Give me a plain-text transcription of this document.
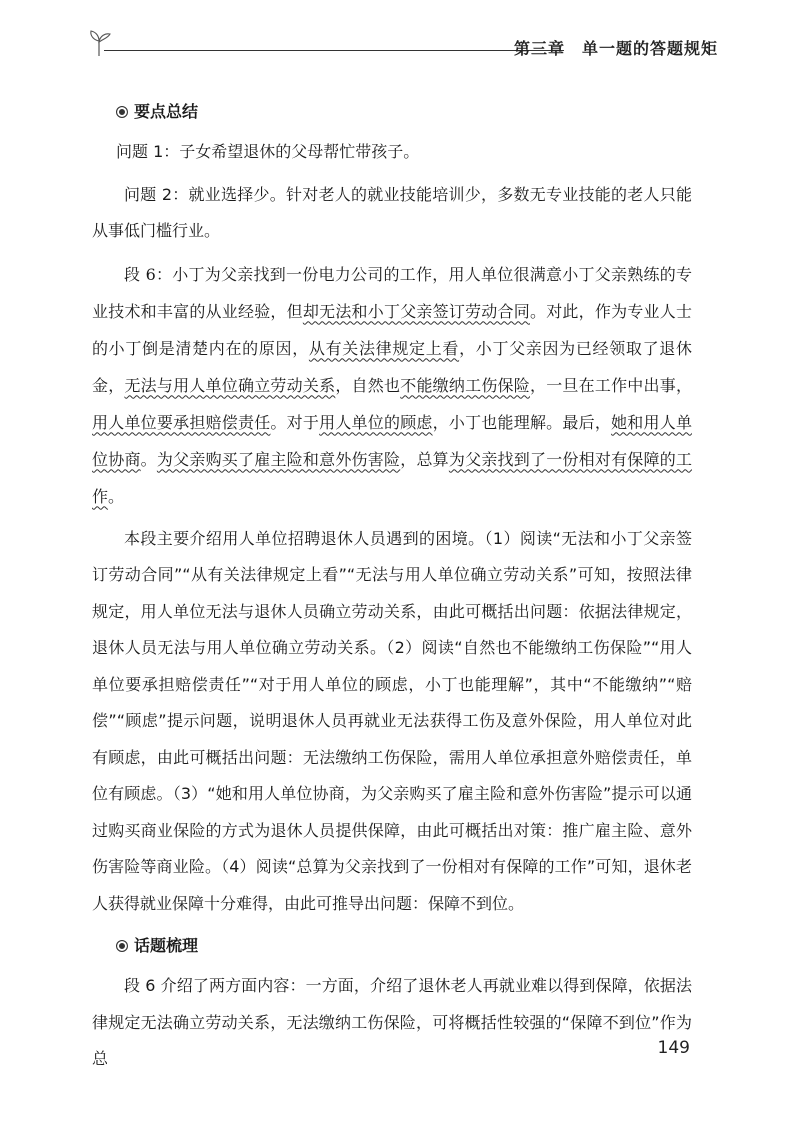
第三章　单一题的答题规矩
要点总结

问题 1：子女希望退休的父母帮忙带孩子。

问题 2：就业选择少。针对老人的就业技能培训少，多数无专业技能的老人只能从事低门槛行业。

段 6：小丁为父亲找到一份电力公司的工作，用人单位很满意小丁父亲熟练的专业技术和丰富的从业经验，但却无法和小丁父亲签订劳动合同。对此，作为专业人士的小丁倒是清楚内在的原因，从有关法律规定上看，小丁父亲因为已经领取了退休金，无法与用人单位确立劳动关系，自然也不能缴纳工伤保险，一旦在工作中出事，用人单位要承担赔偿责任。对于用人单位的顾虑，小丁也能理解。最后，她和用人单位协商。为父亲购买了雇主险和意外伤害险，总算为父亲找到了一份相对有保障的工作。

本段主要介绍用人单位招聘退休人员遇到的困境。（1）阅读“无法和小丁父亲签订劳动合同”“从有关法律规定上看”“无法与用人单位确立劳动关系”可知，按照法律规定，用人单位无法与退休人员确立劳动关系，由此可概括出问题：依据法律规定，退休人员无法与用人单位确立劳动关系。（2）阅读“自然也不能缴纳工伤保险”“用人单位要承担赔偿责任”“对于用人单位的顾虑，小丁也能理解”，其中“不能缴纳”“赔偿”“顾虑”提示问题，说明退休人员再就业无法获得工伤及意外保险，用人单位对此有顾虑，由此可概括出问题：无法缴纳工伤保险，需用人单位承担意外赔偿责任，单位有顾虑。（3）“她和用人单位协商，为父亲购买了雇主险和意外伤害险”提示可以通过购买商业保险的方式为退休人员提供保障，由此可概括出对策：推广雇主险、意外伤害险等商业险。（4）阅读“总算为父亲找到了一份相对有保障的工作”可知，退休老人获得就业保障十分难得，由此可推导出问题：保障不到位。

话题梳理

段 6 介绍了两方面内容：一方面，介绍了退休老人再就业难以得到保障，依据法律规定无法确立劳动关系，无法缴纳工伤保险，可将概括性较强的“保障不到位”作为总

149
